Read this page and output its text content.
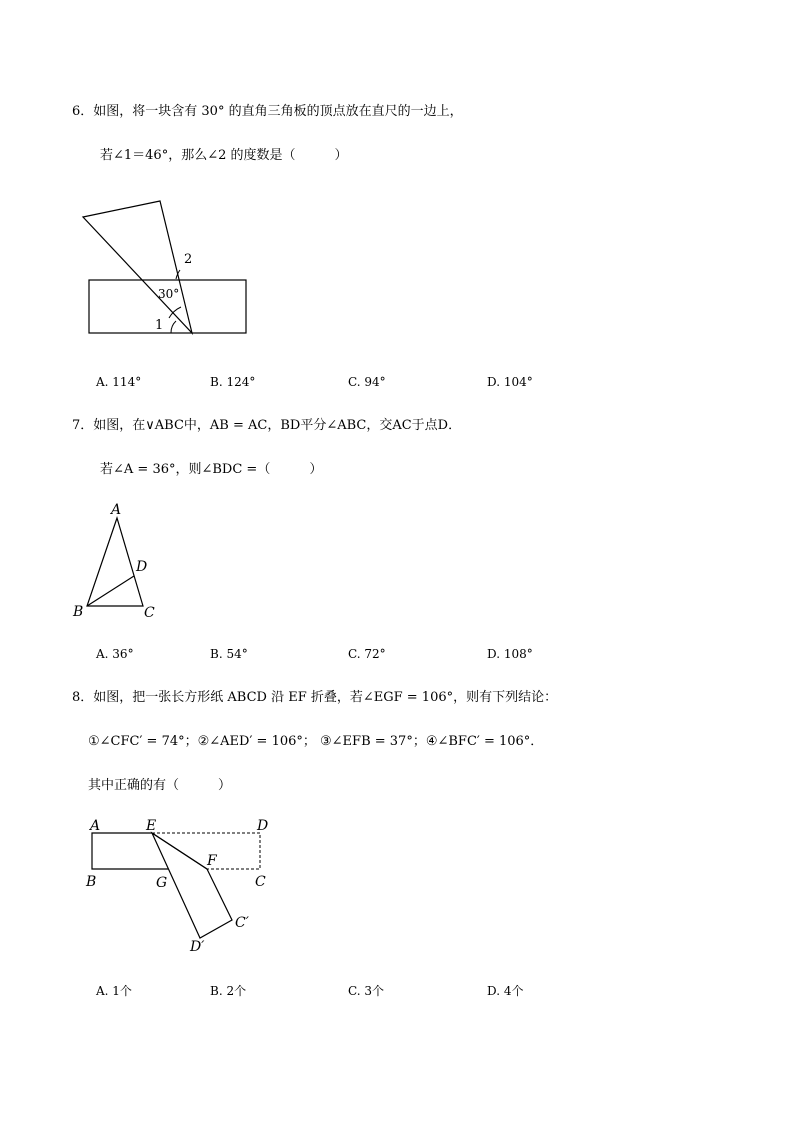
6．如图，将一块含有 30° 的直角三角板的顶点放在直尺的一边上，
若∠1＝46°，那么∠2 的度数是（　　　）
2
30°
1
A. 114°	B. 124°	C. 94°	D. 104°
7．如图，在∨ABC中，AB = AC，BD平分∠ABC，交AC于点D．
若∠A = 36°，则∠BDC =（　　　）
A
D
B	C
A. 36°	B. 54°	C. 72°	D. 108°
8．如图，把一张长方形纸 ABCD 沿 EF 折叠，若∠EGF = 106°，则有下列结论：
①∠CFC′ = 74°；②∠AED′ = 106°； ③∠EFB = 37°；④∠BFC′ = 106°．
其中正确的有（　　　）
A	E	D
F
B	G	C
C′
D′
A. 1个	B. 2个	C. 3个	D. 4个
